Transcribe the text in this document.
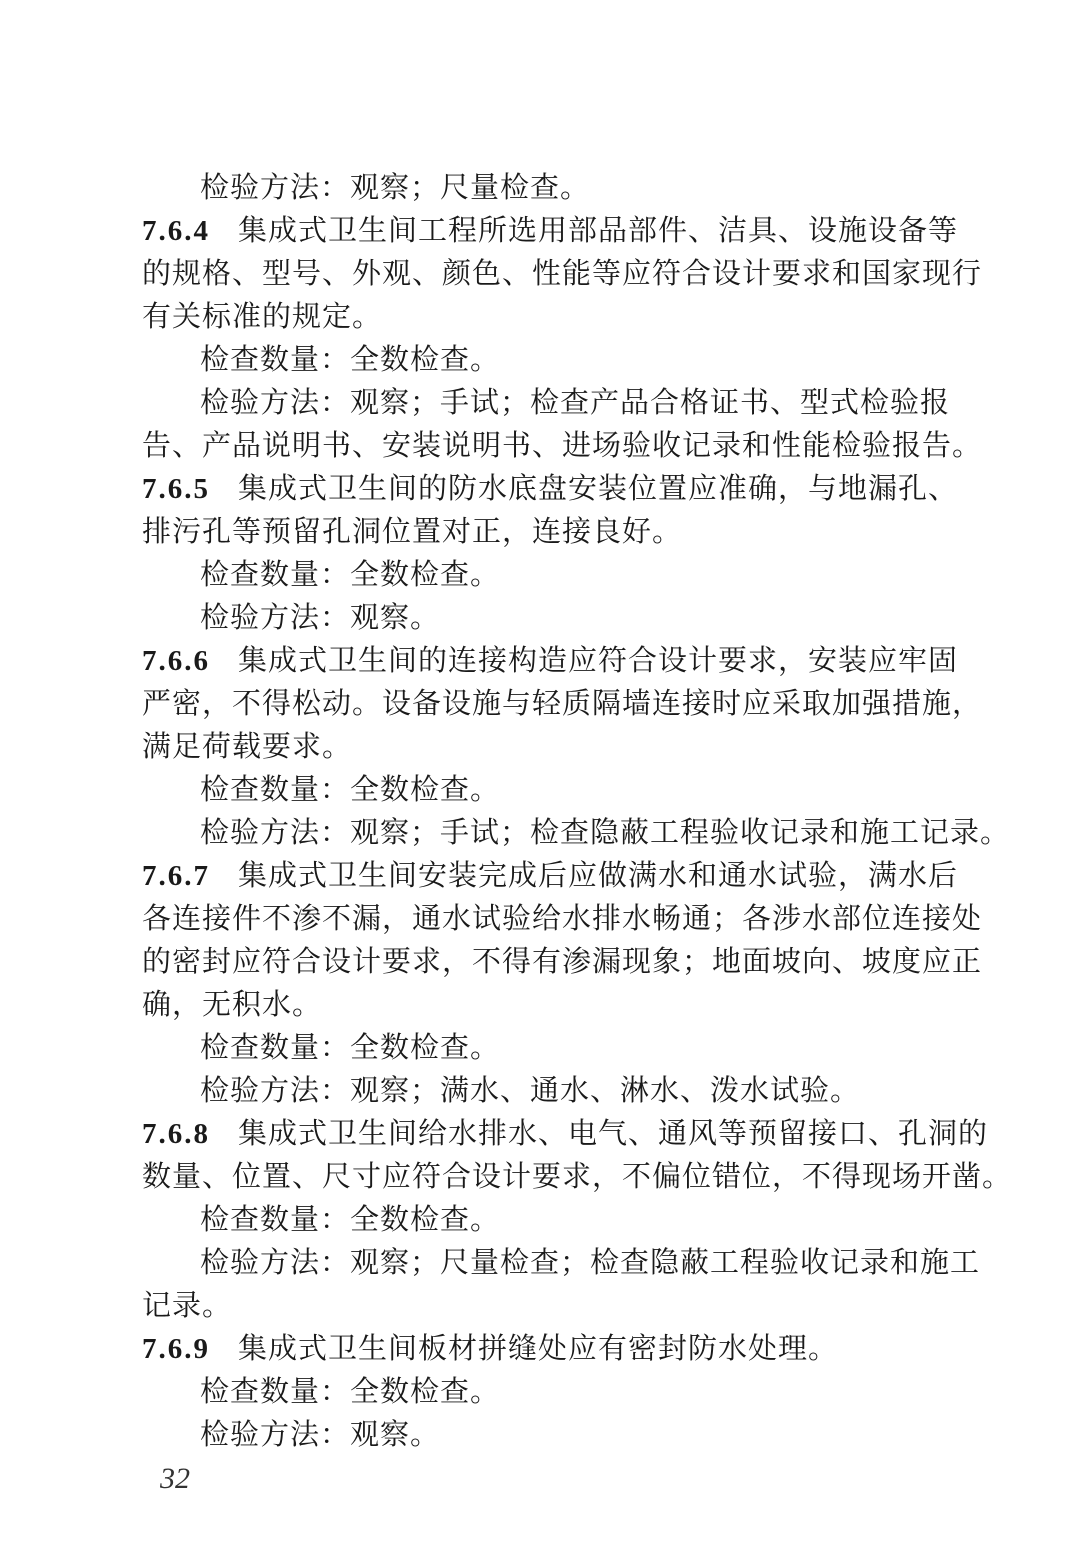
检验方法：观察；尺量检查。
7.6.4 集成式卫生间工程所选用部品部件、洁具、设施设备等
的规格、型号、外观、颜色、性能等应符合设计要求和国家现行
有关标准的规定。
检查数量：全数检查。
检验方法：观察；手试；检查产品合格证书、型式检验报
告、产品说明书、安装说明书、进场验收记录和性能检验报告。
7.6.5 集成式卫生间的防水底盘安装位置应准确，与地漏孔、
排污孔等预留孔洞位置对正，连接良好。
检查数量：全数检查。
检验方法：观察。
7.6.6 集成式卫生间的连接构造应符合设计要求，安装应牢固
严密，不得松动。设备设施与轻质隔墙连接时应采取加强措施，
满足荷载要求。
检查数量：全数检查。
检验方法：观察；手试；检查隐蔽工程验收记录和施工记录。
7.6.7 集成式卫生间安装完成后应做满水和通水试验，满水后
各连接件不渗不漏，通水试验给水排水畅通；各涉水部位连接处
的密封应符合设计要求，不得有渗漏现象；地面坡向、坡度应正
确，无积水。
检查数量：全数检查。
检验方法：观察；满水、通水、淋水、泼水试验。
7.6.8 集成式卫生间给水排水、电气、通风等预留接口、孔洞的
数量、位置、尺寸应符合设计要求，不偏位错位，不得现场开凿。
检查数量：全数检查。
检验方法：观察；尺量检查；检查隐蔽工程验收记录和施工
记录。
7.6.9 集成式卫生间板材拼缝处应有密封防水处理。
检查数量：全数检查。
检验方法：观察。
32
